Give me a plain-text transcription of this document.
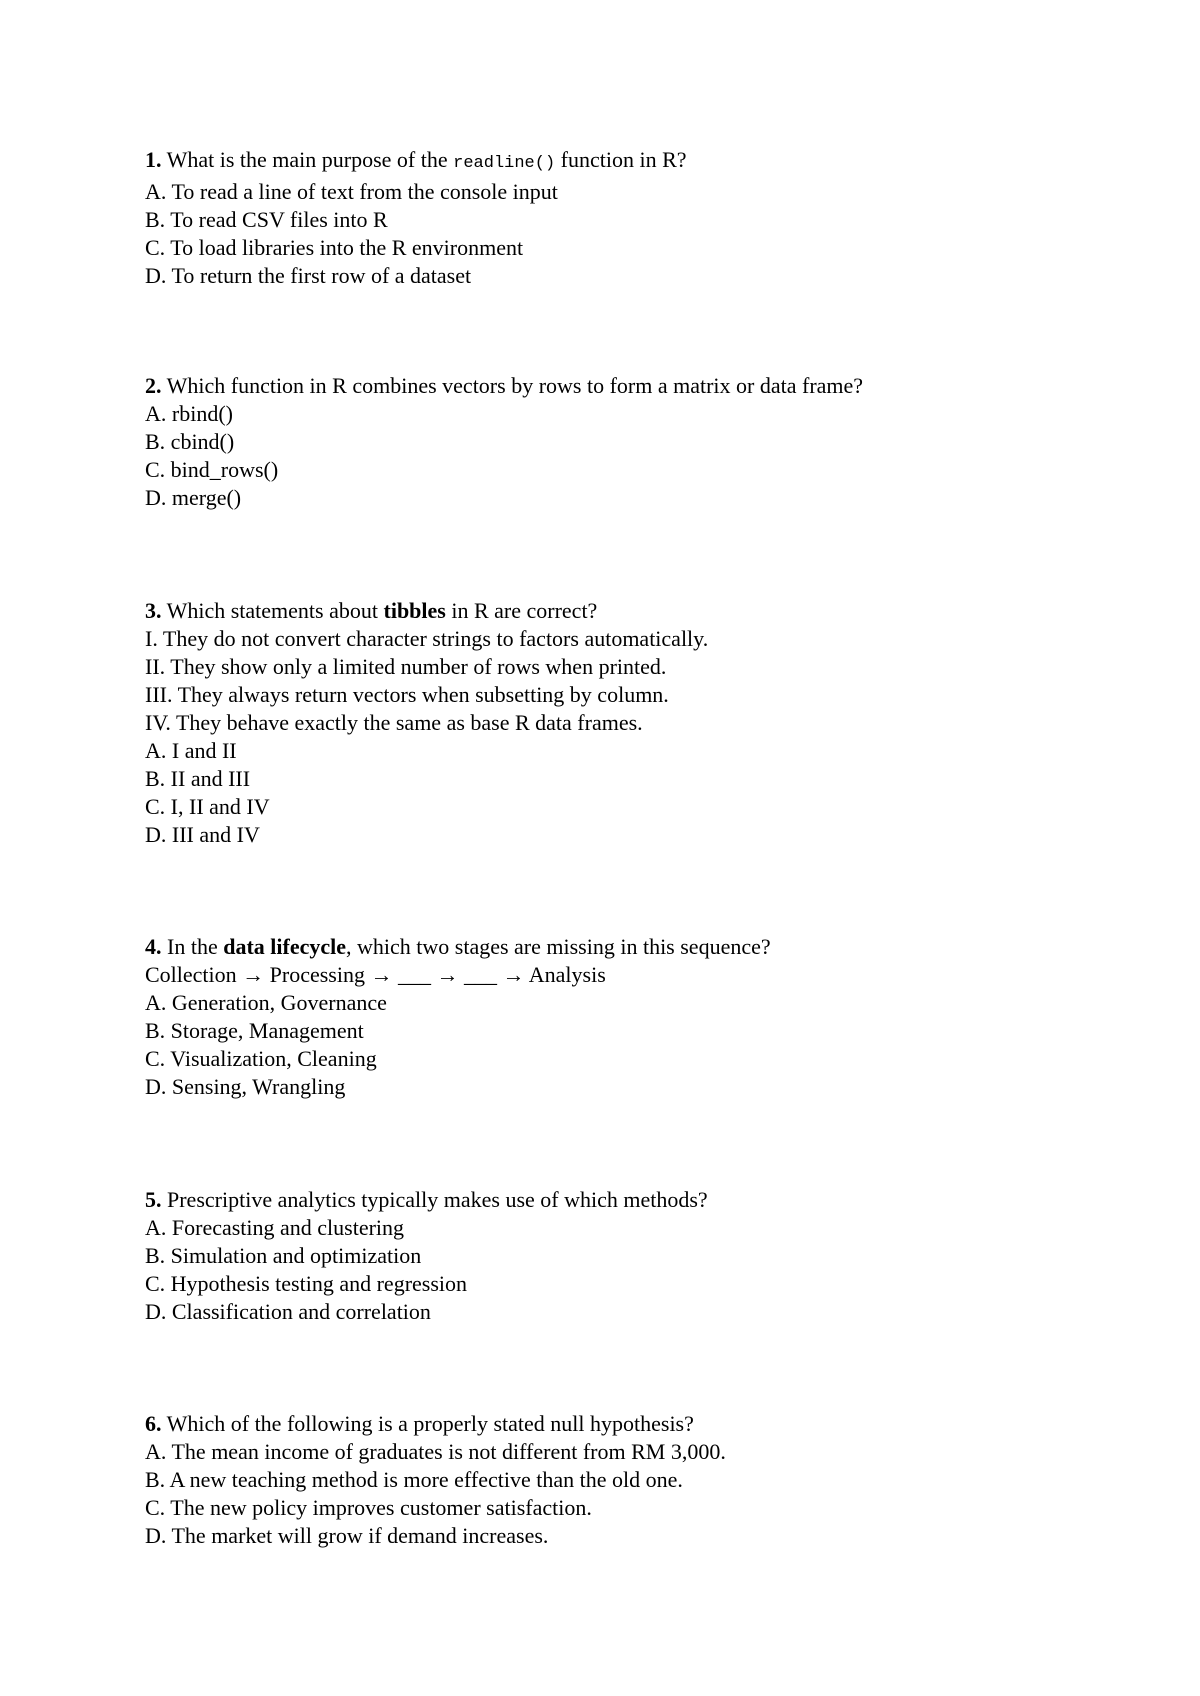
1. What is the main purpose of the readline() function in R?
A. To read a line of text from the console input
B. To read CSV files into R
C. To load libraries into the R environment
D. To return the first row of a dataset
2. Which function in R combines vectors by rows to form a matrix or data frame?
A. rbind()
B. cbind()
C. bind_rows()
D. merge()
3. Which statements about tibbles in R are correct?
I. They do not convert character strings to factors automatically.
II. They show only a limited number of rows when printed.
III. They always return vectors when subsetting by column.
IV. They behave exactly the same as base R data frames.
A. I and II
B. II and III
C. I, II and IV
D. III and IV
4. In the data lifecycle, which two stages are missing in this sequence?
Collection → Processing → ___ → ___ → Analysis
A. Generation, Governance
B. Storage, Management
C. Visualization, Cleaning
D. Sensing, Wrangling
5. Prescriptive analytics typically makes use of which methods?
A. Forecasting and clustering
B. Simulation and optimization
C. Hypothesis testing and regression
D. Classification and correlation
6. Which of the following is a properly stated null hypothesis?
A. The mean income of graduates is not different from RM 3,000.
B. A new teaching method is more effective than the old one.
C. The new policy improves customer satisfaction.
D. The market will grow if demand increases.
